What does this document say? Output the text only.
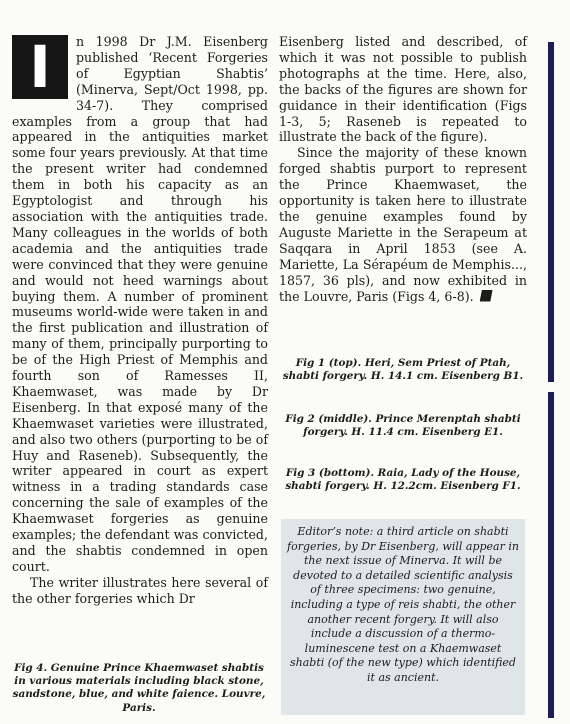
I	n 1998 Dr J.M. Eisenberg published ‘Recent Forgeries of Egyptian Shabtis’ (Minerva, Sept/Oct 1998, pp. 34-7). They comprised examples from a group that had appeared in the antiquities market some four years previously. At that time the present writer had condemned them in both his capacity as an Egyptologist and through his association with the antiquities trade. Many colleagues in the worlds of both academia and the antiquities trade were convinced that they were genuine and would not heed warnings about buying them. A number of prominent museums world-wide were taken in and the first publication and illustration of many of them, principally purporting to be of the High Priest of Memphis and fourth son of Ramesses II, Khaemwaset, was made by Dr Eisenberg. In that exposé many of the Khaemwaset varieties were illustrated, and also two others (purporting to be of Huy and Raseneb). Subsequently, the writer appeared in court as expert witness in a trading standards case concerning the sale of examples of the Khaemwaset forgeries as genuine examples; the defendant was convicted, and the shabtis condemned in open court.

The writer illustrates here several of the other forgeries which Dr

Eisenberg listed and described, of which it was not possible to publish photographs at the time. Here, also, the backs of the figures are shown for guidance in their identification (Figs 1-3, 5; Raseneb is repeated to illustrate the back of the figure).

Since the majority of these known forged shabtis purport to represent the Prince Khaemwaset, the opportunity is taken here to illustrate the genuine examples found by Auguste Mariette in the Serapeum at Saqqara in April 1853 (see A. Mariette, La Sérapéum de Memphis..., 1857, 36 pls), and now exhibited in the Louvre, Paris (Figs 4, 6-8).

Fig 1 (top). Heri, Sem Priest of Ptah, shabti forgery. H. 14.1 cm. Eisenberg B1.

Fig 2 (middle). Prince Merenptah shabti forgery. H. 11.4 cm. Eisenberg E1.

Fig 3 (bottom). Raia, Lady of the House, shabti forgery. H. 12.2cm. Eisenberg F1.

Editor’s note: a third article on shabti forgeries, by Dr Eisenberg, will appear in the next issue of Minerva. It will be devoted to a detailed scientific analysis of three specimens: two genuine, including a type of reis shabti, the other another recent forgery. It will also include a discussion of a thermo-luminescene test on a Khaemwaset shabti (of the new type) which identified it as ancient.

Fig 4. Genuine Prince Khaemwaset shabtis in various materials including black stone, sandstone, blue, and white faience. Louvre, Paris.
